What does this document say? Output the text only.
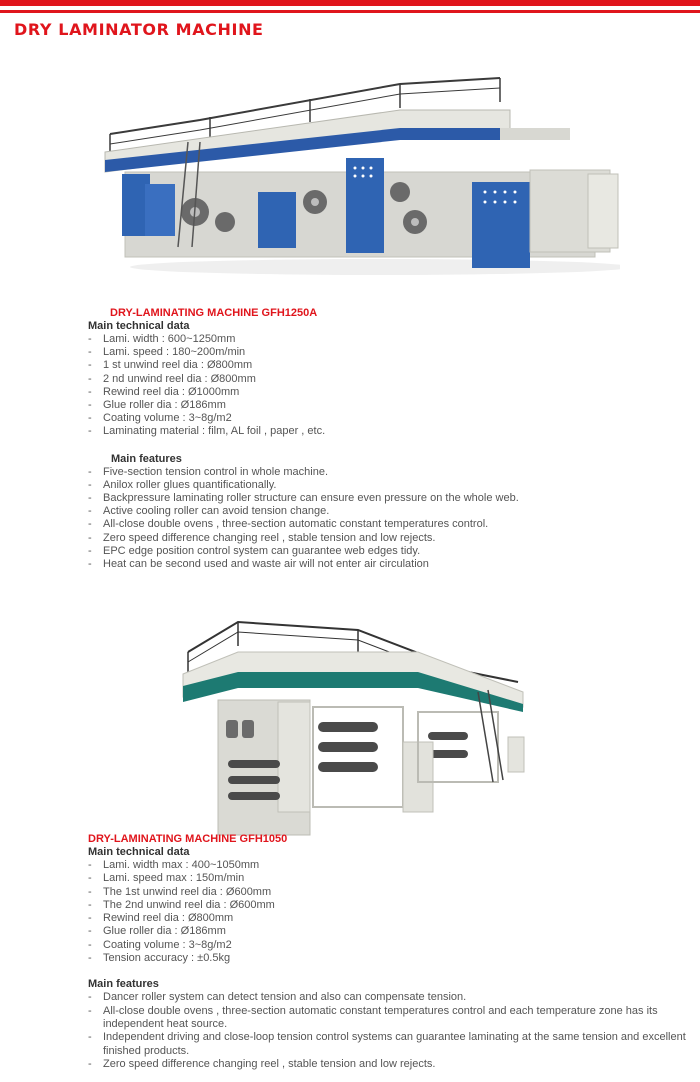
DRY LAMINATOR MACHINE
DRY-LAMINATING MACHINE GFH1250A
Main technical data
- Lami. width : 600~1250mm
- Lami. speed : 180~200m/min
- 1 st unwind reel dia : Ø800mm
- 2 nd unwind reel dia : Ø800mm
- Rewind reel dia : Ø1000mm
- Glue roller dia : Ø186mm
- Coating volume : 3~8g/m2
- Laminating material : film, AL foil , paper , etc.
Main features
- Five-section tension control in whole machine.
- Anilox roller glues quantificationally.
- Backpressure laminating roller structure can ensure even pressure on the whole web.
- Active cooling roller can avoid tension change.
- All-close double ovens , three-section automatic constant temperatures control.
- Zero speed difference changing reel , stable tension and low rejects.
- EPC edge position control system can guarantee web edges tidy.
- Heat can be second used and waste air will not enter air circulation
DRY-LAMINATING MACHINE GFH1050
Main technical data
- Lami. width max : 400~1050mm
- Lami. speed max : 150m/min
- The 1st unwind reel dia : Ø600mm
- The 2nd unwind reel dia : Ø600mm
- Rewind reel dia : Ø800mm
- Glue roller dia : Ø186mm
- Coating volume : 3~8g/m2
- Tension accuracy : ±0.5kg
Main features
- Dancer roller system can detect tension and also can compensate tension.
- All-close double ovens , three-section automatic constant temperatures control and each temperature zone has its independent heat source.
- Independent driving and close-loop tension control systems can guarantee laminating at the same tension and excellent finished products.
- Zero speed difference changing reel , stable tension and low rejects.
